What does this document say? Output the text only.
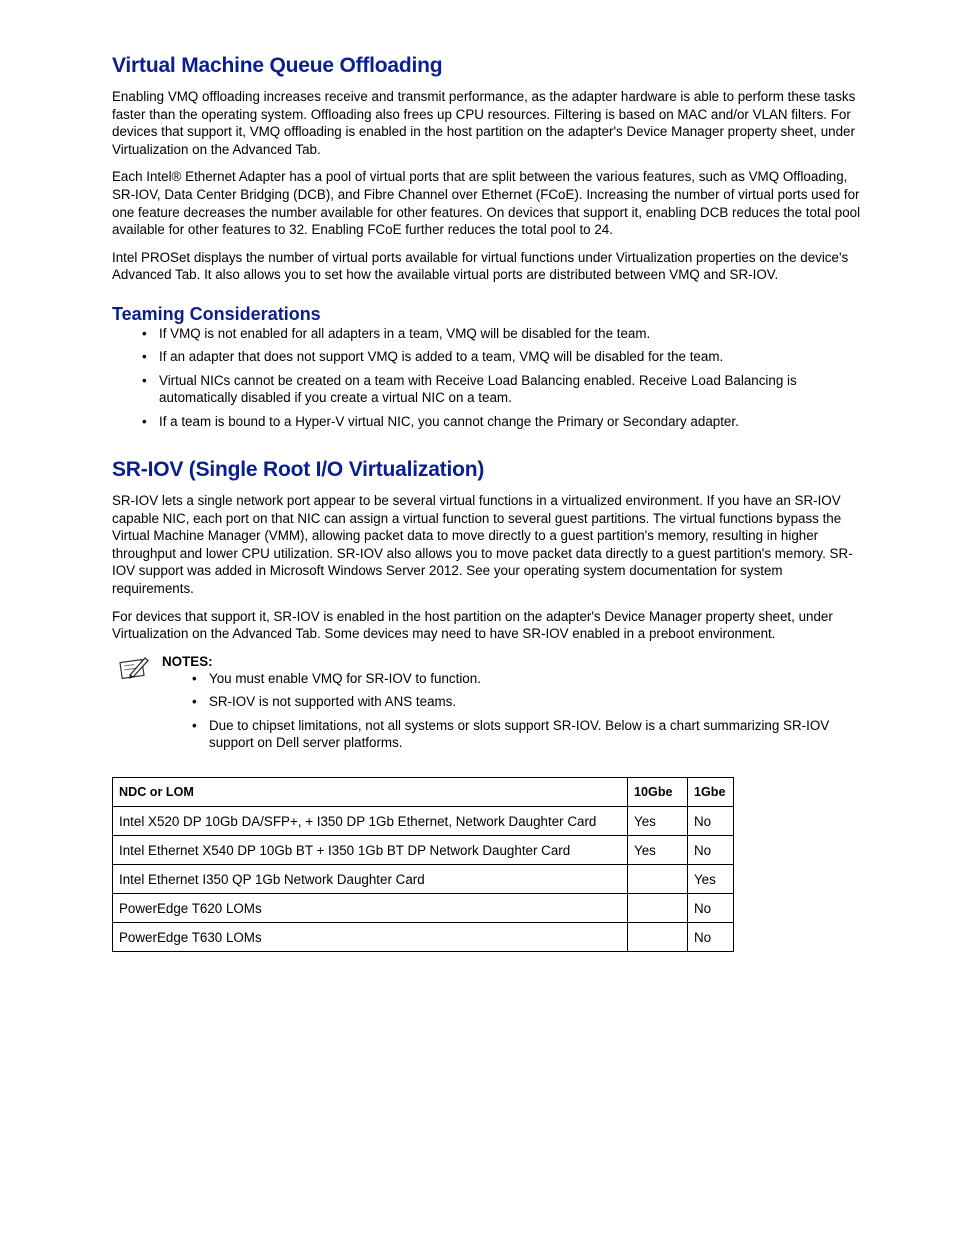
Virtual Machine Queue Offloading

Enabling VMQ offloading increases receive and transmit performance, as the adapter hardware is able to perform these tasks faster than the operating system. Offloading also frees up CPU resources. Filtering is based on MAC and/or VLAN filters. For devices that support it, VMQ offloading is enabled in the host partition on the adapter's Device Manager property sheet, under Virtualization on the Advanced Tab.

Each Intel® Ethernet Adapter has a pool of virtual ports that are split between the various features, such as VMQ Offloading, SR-IOV, Data Center Bridging (DCB), and Fibre Channel over Ethernet (FCoE). Increasing the number of virtual ports used for one feature decreases the number available for other features. On devices that support it, enabling DCB reduces the total pool available for other features to 32. Enabling FCoE further reduces the total pool to 24.

Intel PROSet displays the number of virtual ports available for virtual functions under Virtualization properties on the device's Advanced Tab. It also allows you to set how the available virtual ports are distributed between VMQ and SR-IOV.

Teaming Considerations
• If VMQ is not enabled for all adapters in a team, VMQ will be disabled for the team.
• If an adapter that does not support VMQ is added to a team, VMQ will be disabled for the team.
• Virtual NICs cannot be created on a team with Receive Load Balancing enabled. Receive Load Balancing is automatically disabled if you create a virtual NIC on a team.
• If a team is bound to a Hyper-V virtual NIC, you cannot change the Primary or Secondary adapter.
SR-IOV (Single Root I/O Virtualization)

SR-IOV lets a single network port appear to be several virtual functions in a virtualized environment. If you have an SR-IOV capable NIC, each port on that NIC can assign a virtual function to several guest partitions. The virtual functions bypass the Virtual Machine Manager (VMM), allowing packet data to move directly to a guest partition's memory, resulting in higher throughput and lower CPU utilization. SR-IOV also allows you to move packet data directly to a guest partition's memory. SR-IOV support was added in Microsoft Windows Server 2012. See your operating system documentation for system requirements.

For devices that support it, SR-IOV is enabled in the host partition on the adapter's Device Manager property sheet, under Virtualization on the Advanced Tab. Some devices may need to have SR-IOV enabled in a preboot environment.

NOTES:
• You must enable VMQ for SR-IOV to function.
• SR-IOV is not supported with ANS teams.
• Due to chipset limitations, not all systems or slots support SR-IOV. Below is a chart summarizing SR-IOV support on Dell server platforms.
NDC or LOM	10Gbe	1Gbe
Intel X520 DP 10Gb DA/SFP+, + I350 DP 1Gb Ethernet, Network Daughter Card	Yes	No
Intel Ethernet X540 DP 10Gb BT + I350 1Gb BT DP Network Daughter Card	Yes	No
Intel Ethernet I350 QP 1Gb Network Daughter Card		Yes
PowerEdge T620 LOMs		No
PowerEdge T630 LOMs		No
